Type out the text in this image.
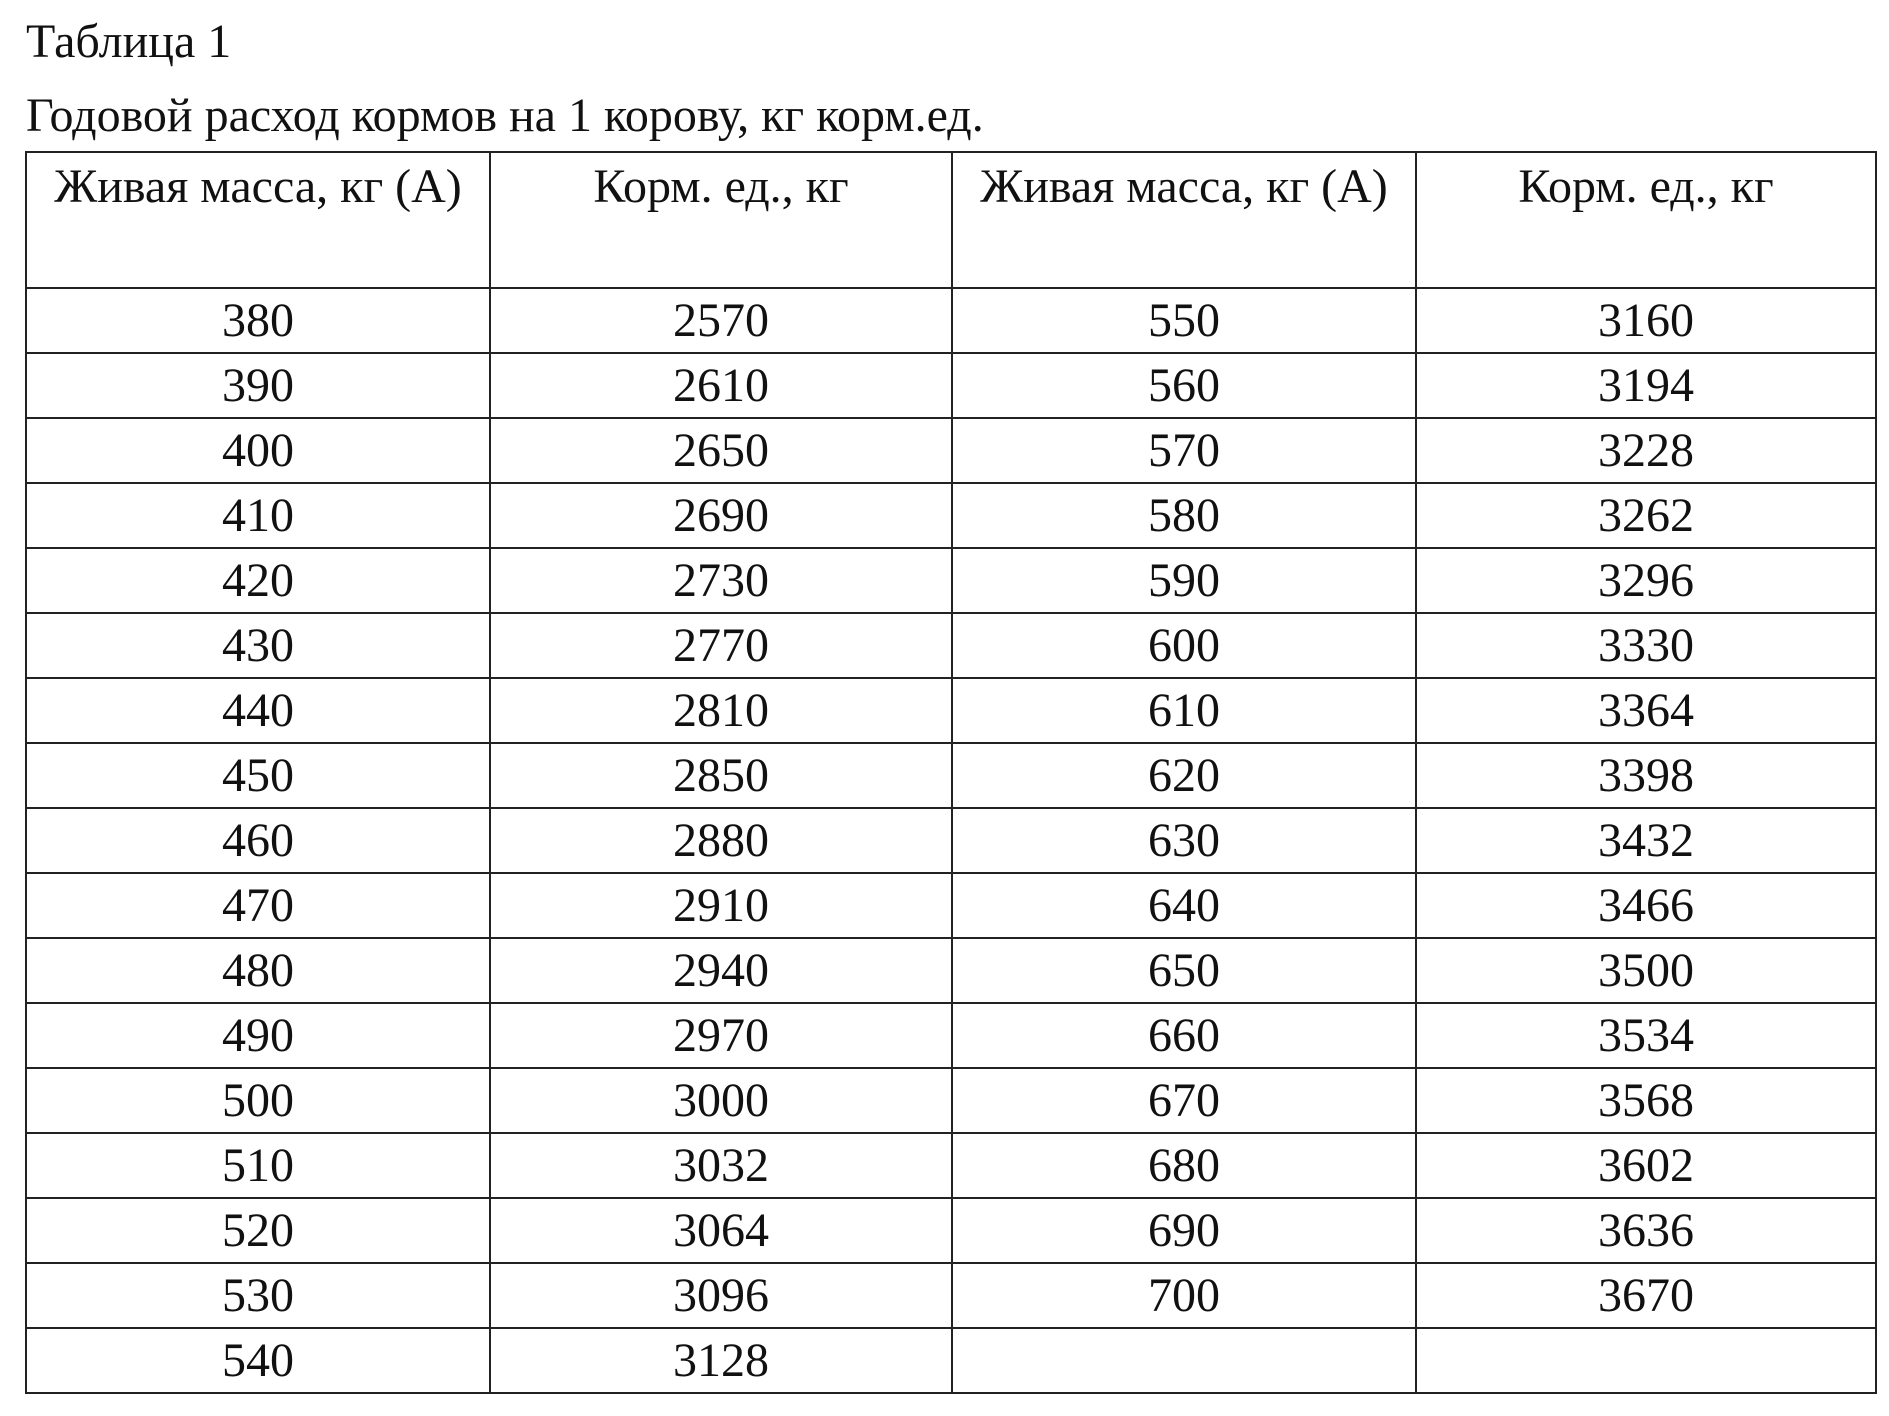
Таблица 1
Годовой расход кормов на 1 корову, кг корм.ед.
Живая масса, кг (А)	Корм. ед., кг	Живая масса, кг (А)	Корм. ед., кг
380	2570	550	3160
390	2610	560	3194
400	2650	570	3228
410	2690	580	3262
420	2730	590	3296
430	2770	600	3330
440	2810	610	3364
450	2850	620	3398
460	2880	630	3432
470	2910	640	3466
480	2940	650	3500
490	2970	660	3534
500	3000	670	3568
510	3032	680	3602
520	3064	690	3636
530	3096	700	3670
540	3128		
